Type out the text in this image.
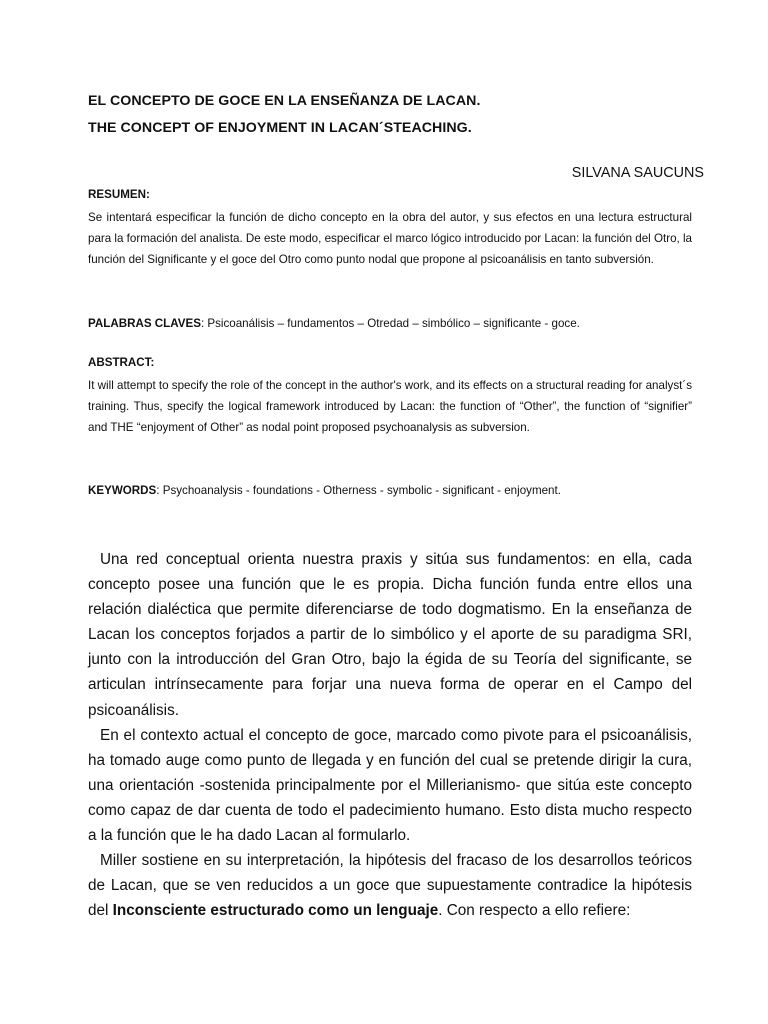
EL CONCEPTO DE GOCE EN LA ENSEÑANZA DE LACAN.
THE CONCEPT OF ENJOYMENT IN LACAN´STEACHING.
SILVANA SAUCUNS
RESUMEN:
Se intentará especificar la función de dicho concepto en la obra del autor, y sus efectos en una lectura estructural para la formación del analista. De este modo, especificar el marco lógico introducido por Lacan: la función del Otro, la función del Significante y el goce del Otro como punto nodal que propone al psicoanálisis en tanto subversión.
PALABRAS CLAVES: Psicoanálisis – fundamentos – Otredad – simbólico – significante - goce.
ABSTRACT:
It will attempt to specify the role of the concept in the author's work, and its effects on a structural reading for analyst´s training. Thus, specify the logical framework introduced by Lacan: the function of “Other”, the function of “signifier” and THE “enjoyment of Other” as nodal point proposed psychoanalysis as subversion.
KEYWORDS: Psychoanalysis - foundations - Otherness - symbolic - significant - enjoyment.

Una red conceptual orienta nuestra praxis y sitúa sus fundamentos: en ella, cada concepto posee una función que le es propia. Dicha función funda entre ellos una relación dialéctica que permite diferenciarse de todo dogmatismo. En la enseñanza de Lacan los conceptos forjados a partir de lo simbólico y el aporte de su paradigma SRI, junto con la introducción del Gran Otro, bajo la égida de su Teoría del significante, se articulan intrínsecamente para forjar una nueva forma de operar en el Campo del psicoanálisis.

En el contexto actual el concepto de goce, marcado como pivote para el psicoanálisis, ha tomado auge como punto de llegada y en función del cual se pretende dirigir la cura, una orientación -sostenida principalmente por el Millerianismo- que sitúa este concepto como capaz de dar cuenta de todo el padecimiento humano. Esto dista mucho respecto a la función que le ha dado Lacan al formularlo.

Miller sostiene en su interpretación, la hipótesis del fracaso de los desarrollos teóricos de Lacan, que se ven reducidos a un goce que supuestamente contradice la hipótesis del Inconsciente estructurado como un lenguaje. Con respecto a ello refiere:
